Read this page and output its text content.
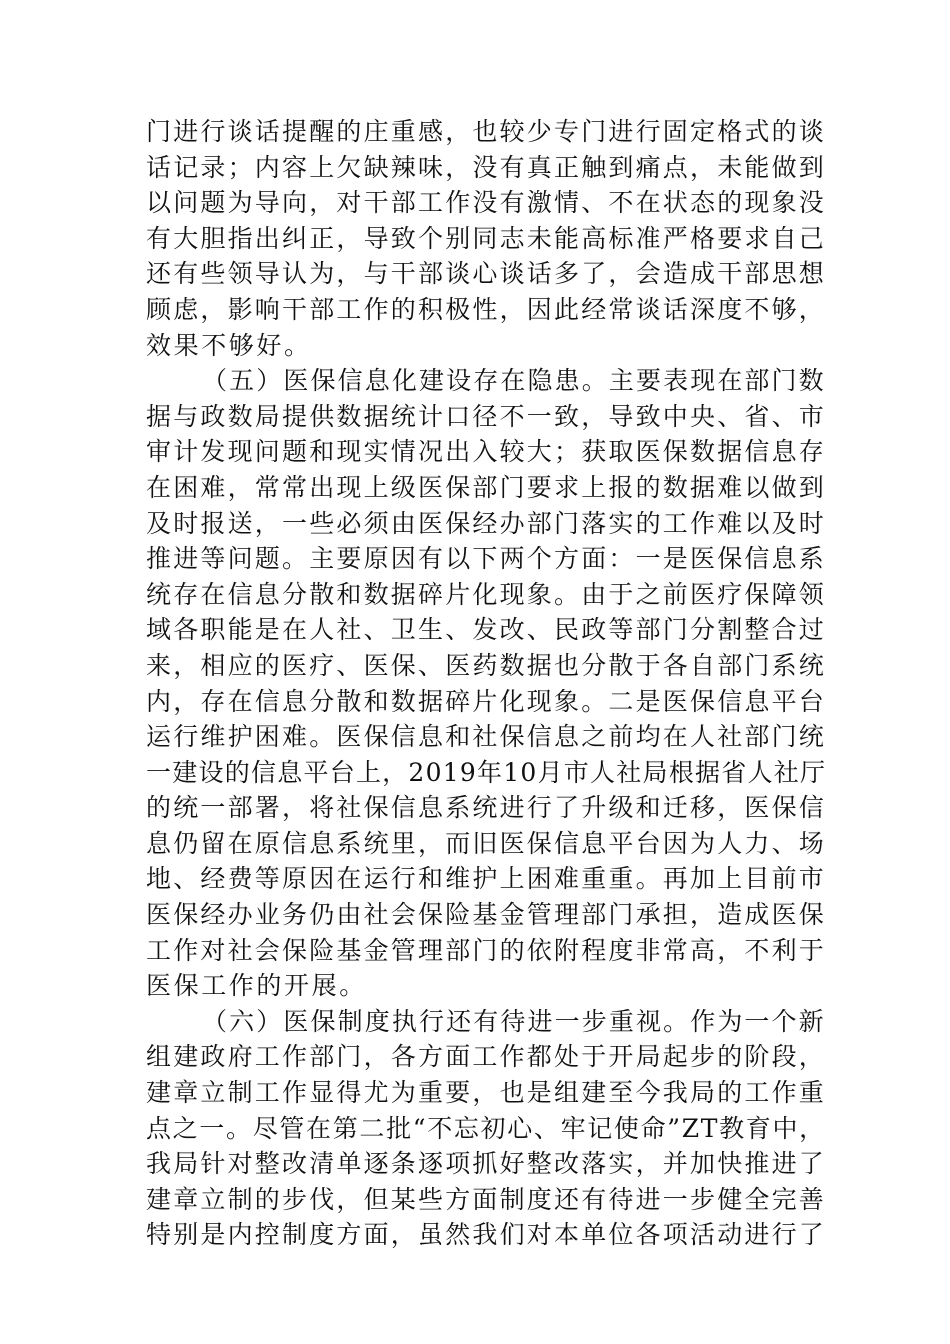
门进行谈话提醒的庄重感，也较少专门进行固定格式的谈
话记录；内容上欠缺辣味，没有真正触到痛点，未能做到
以问题为导向，对干部工作没有激情、不在状态的现象没
有大胆指出纠正，导致个别同志未能高标准严格要求自己
还有些领导认为，与干部谈心谈话多了，会造成干部思想
顾虑，影响干部工作的积极性，因此经常谈话深度不够，
效果不够好。
（五）医保信息化建设存在隐患。主要表现在部门数
据与政数局提供数据统计口径不一致，导致中央、省、市
审计发现问题和现实情况出入较大；获取医保数据信息存
在困难，常常出现上级医保部门要求上报的数据难以做到
及时报送，一些必须由医保经办部门落实的工作难以及时
推进等问题。主要原因有以下两个方面：一是医保信息系
统存在信息分散和数据碎片化现象。由于之前医疗保障领
域各职能是在人社、卫生、发改、民政等部门分割整合过
来，相应的医疗、医保、医药数据也分散于各自部门系统
内，存在信息分散和数据碎片化现象。二是医保信息平台
运行维护困难。医保信息和社保信息之前均在人社部门统
一建设的信息平台上，2019年10月市人社局根据省人社厅
的统一部署，将社保信息系统进行了升级和迁移，医保信
息仍留在原信息系统里，而旧医保信息平台因为人力、场
地、经费等原因在运行和维护上困难重重。再加上目前市
医保经办业务仍由社会保险基金管理部门承担，造成医保
工作对社会保险基金管理部门的依附程度非常高，不利于
医保工作的开展。
（六）医保制度执行还有待进一步重视。作为一个新
组建政府工作部门，各方面工作都处于开局起步的阶段，
建章立制工作显得尤为重要，也是组建至今我局的工作重
点之一。尽管在第二批“不忘初心、牢记使命”ZT教育中，
我局针对整改清单逐条逐项抓好整改落实，并加快推进了
建章立制的步伐，但某些方面制度还有待进一步健全完善
特别是内控制度方面，虽然我们对本单位各项活动进行了
